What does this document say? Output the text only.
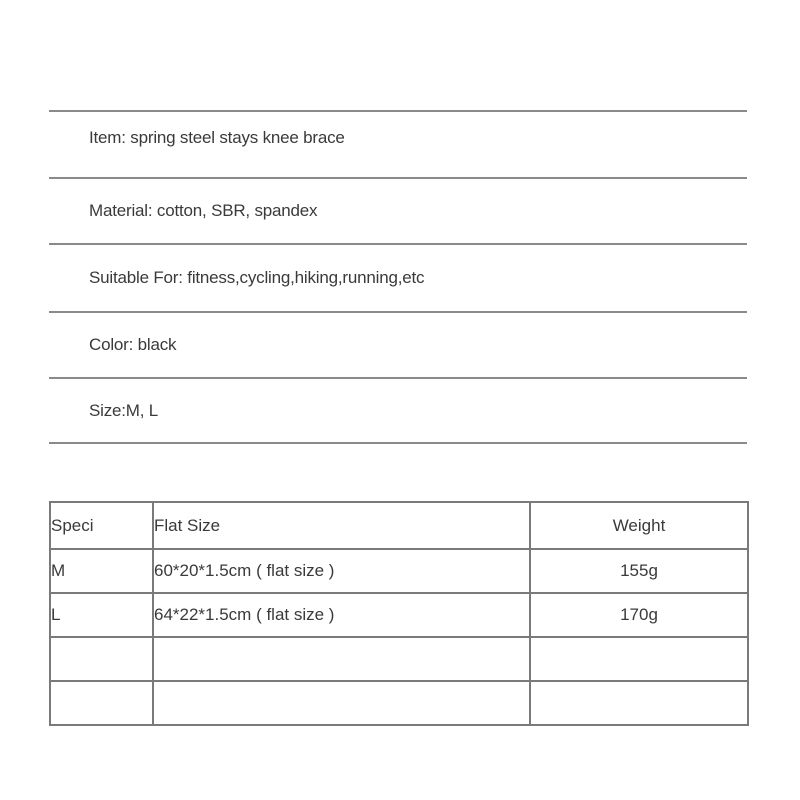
Item: spring steel stays knee brace
Material: cotton, SBR, spandex
Suitable For: fitness,cycling,hiking,running,etc
Color: black
Size:M, L
Speci	Flat Size	Weight
M	60*20*1.5cm ( flat size )	155g
L	64*22*1.5cm ( flat size )	170g
